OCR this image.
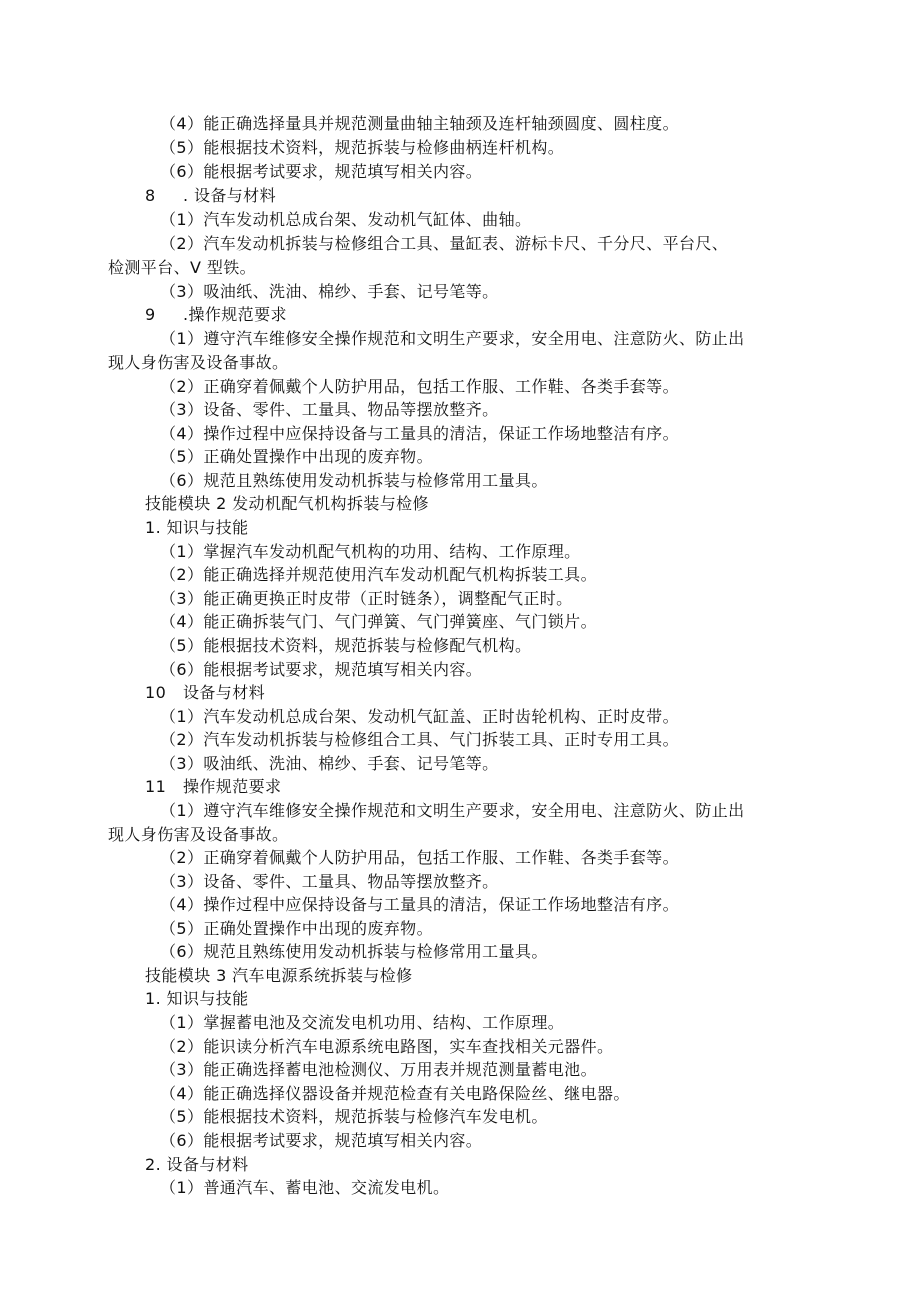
（4）能正确选择量具并规范测量曲轴主轴颈及连杆轴颈圆度、圆柱度。
（5）能根据技术资料，规范拆装与检修曲柄连杆机构。
（6）能根据考试要求，规范填写相关内容。
8 . 设备与材料
（1）汽车发动机总成台架、发动机气缸体、曲轴。
（2）汽车发动机拆装与检修组合工具、量缸表、游标卡尺、千分尺、平台尺、
检测平台、V 型铁。
（3）吸油纸、洗油、棉纱、手套、记号笔等。
9 .操作规范要求
（1）遵守汽车维修安全操作规范和文明生产要求，安全用电、注意防火、防止出
现人身伤害及设备事故。
（2）正确穿着佩戴个人防护用品，包括工作服、工作鞋、各类手套等。
（3）设备、零件、工量具、物品等摆放整齐。
（4）操作过程中应保持设备与工量具的清洁，保证工作场地整洁有序。
（5）正确处置操作中出现的废弃物。
（6）规范且熟练使用发动机拆装与检修常用工量具。
技能模块 2 发动机配气机构拆装与检修
1. 知识与技能
（1）掌握汽车发动机配气机构的功用、结构、工作原理。
（2）能正确选择并规范使用汽车发动机配气机构拆装工具。
（3）能正确更换正时皮带（正时链条），调整配气正时。
（4）能正确拆装气门、气门弹簧、气门弹簧座、气门锁片。
（5）能根据技术资料，规范拆装与检修配气机构。
（6）能根据考试要求，规范填写相关内容。
10 设备与材料
（1）汽车发动机总成台架、发动机气缸盖、正时齿轮机构、正时皮带。
（2）汽车发动机拆装与检修组合工具、气门拆装工具、正时专用工具。
（3）吸油纸、洗油、棉纱、手套、记号笔等。
11 操作规范要求
（1）遵守汽车维修安全操作规范和文明生产要求，安全用电、注意防火、防止出
现人身伤害及设备事故。
（2）正确穿着佩戴个人防护用品，包括工作服、工作鞋、各类手套等。
（3）设备、零件、工量具、物品等摆放整齐。
（4）操作过程中应保持设备与工量具的清洁，保证工作场地整洁有序。
（5）正确处置操作中出现的废弃物。
（6）规范且熟练使用发动机拆装与检修常用工量具。
技能模块 3 汽车电源系统拆装与检修
1. 知识与技能
（1）掌握蓄电池及交流发电机功用、结构、工作原理。
（2）能识读分析汽车电源系统电路图，实车查找相关元器件。
（3）能正确选择蓄电池检测仪、万用表并规范测量蓄电池。
（4）能正确选择仪器设备并规范检查有关电路保险丝、继电器。
（5）能根据技术资料，规范拆装与检修汽车发电机。
（6）能根据考试要求，规范填写相关内容。
2. 设备与材料
（1）普通汽车、蓄电池、交流发电机。
